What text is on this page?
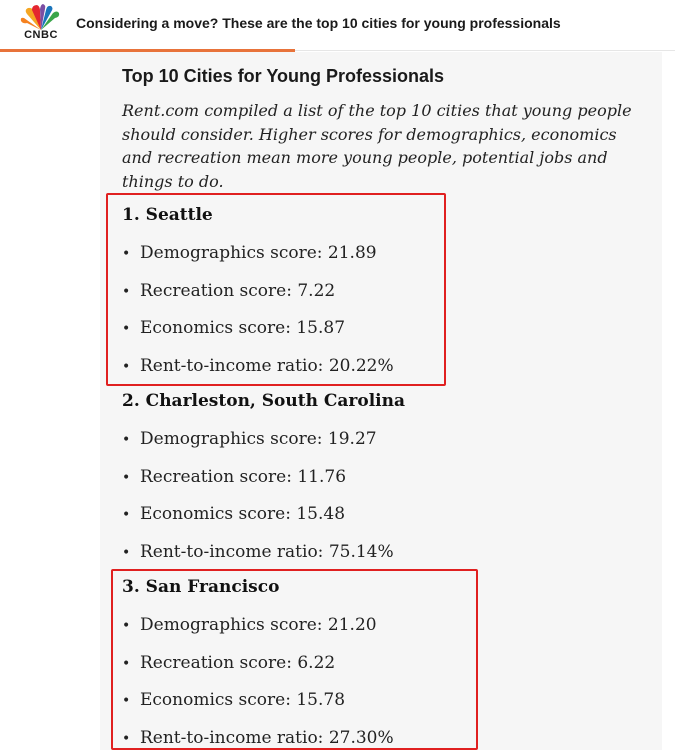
CNBC
Considering a move? These are the top 10 cities for young professionals
Top 10 Cities for Young Professionals
Rent.com compiled a list of the top 10 cities that young people should consider. Higher scores for demographics, economics and recreation mean more young people, potential jobs and things to do.
1. Seattle
• Demographics score: 21.89
• Recreation score: 7.22
• Economics score: 15.87
• Rent-to-income ratio: 20.22%
2. Charleston, South Carolina
• Demographics score: 19.27
• Recreation score: 11.76
• Economics score: 15.48
• Rent-to-income ratio: 75.14%
3. San Francisco
• Demographics score: 21.20
• Recreation score: 6.22
• Economics score: 15.78
• Rent-to-income ratio: 27.30%
